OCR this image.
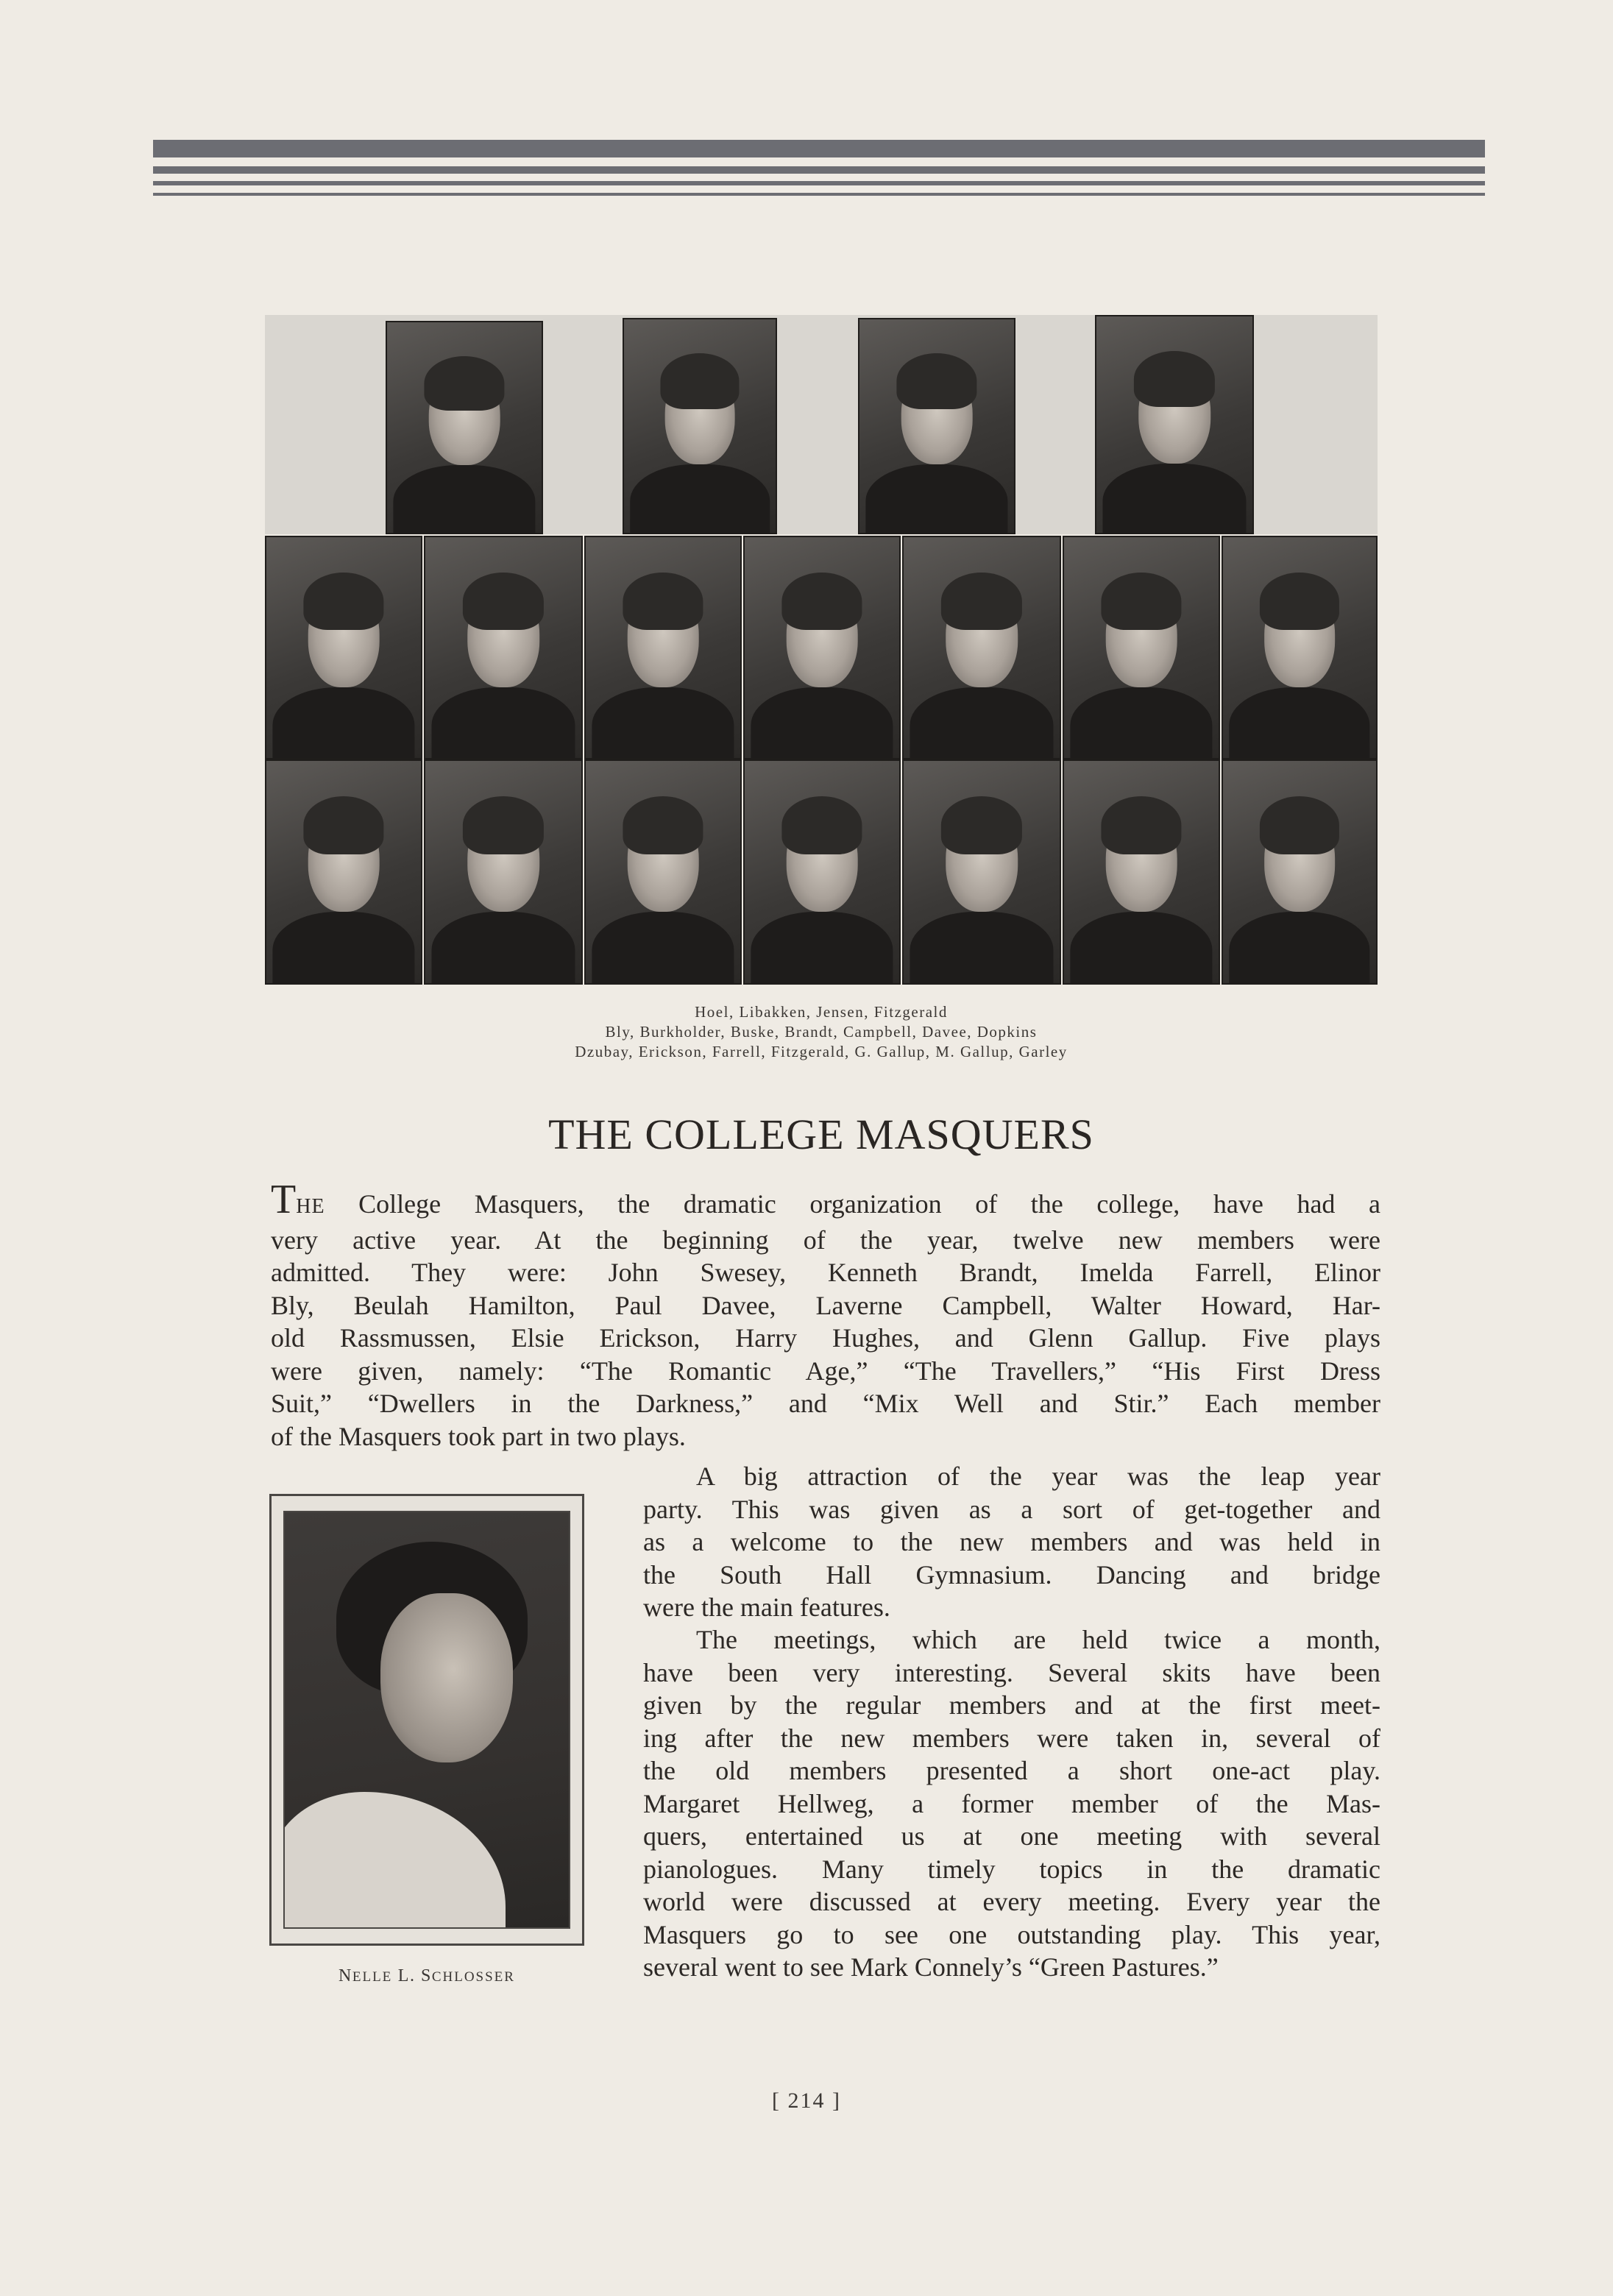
Hoel, Libakken, Jensen, Fitzgerald
Bly, Burkholder, Buske, Brandt, Campbell, Davee, Dopkins
Dzubay, Erickson, Farrell, Fitzgerald, G. Gallup, M. Gallup, Garley
THE COLLEGE MASQUERS
THE College Masquers, the dramatic organization of the college, have had a
very active year. At the beginning of the year, twelve new members were
admitted. They were: John Swesey, Kenneth Brandt, Imelda Farrell, Elinor
Bly, Beulah Hamilton, Paul Davee, Laverne Campbell, Walter Howard, Har-
old Rassmussen, Elsie Erickson, Harry Hughes, and Glenn Gallup. Five plays
were given, namely: “The Romantic Age,” “The Travellers,” “His First Dress
Suit,” “Dwellers in the Darkness,” and “Mix Well and Stir.” Each member
of the Masquers took part in two plays.
A big attraction of the year was the leap year
party. This was given as a sort of get-together and
as a welcome to the new members and was held in
the South Hall Gymnasium. Dancing and bridge
were the main features.
The meetings, which are held twice a month,
have been very interesting. Several skits have been
given by the regular members and at the first meet-
ing after the new members were taken in, several of
the old members presented a short one-act play.
Margaret Hellweg, a former member of the Mas-
quers, entertained us at one meeting with several
pianologues. Many timely topics in the dramatic
world were discussed at every meeting. Every year the
Masquers go to see one outstanding play. This year,
several went to see Mark Connely’s “Green Pastures.”
NELLE L. SCHLOSSER
[ 214 ]
